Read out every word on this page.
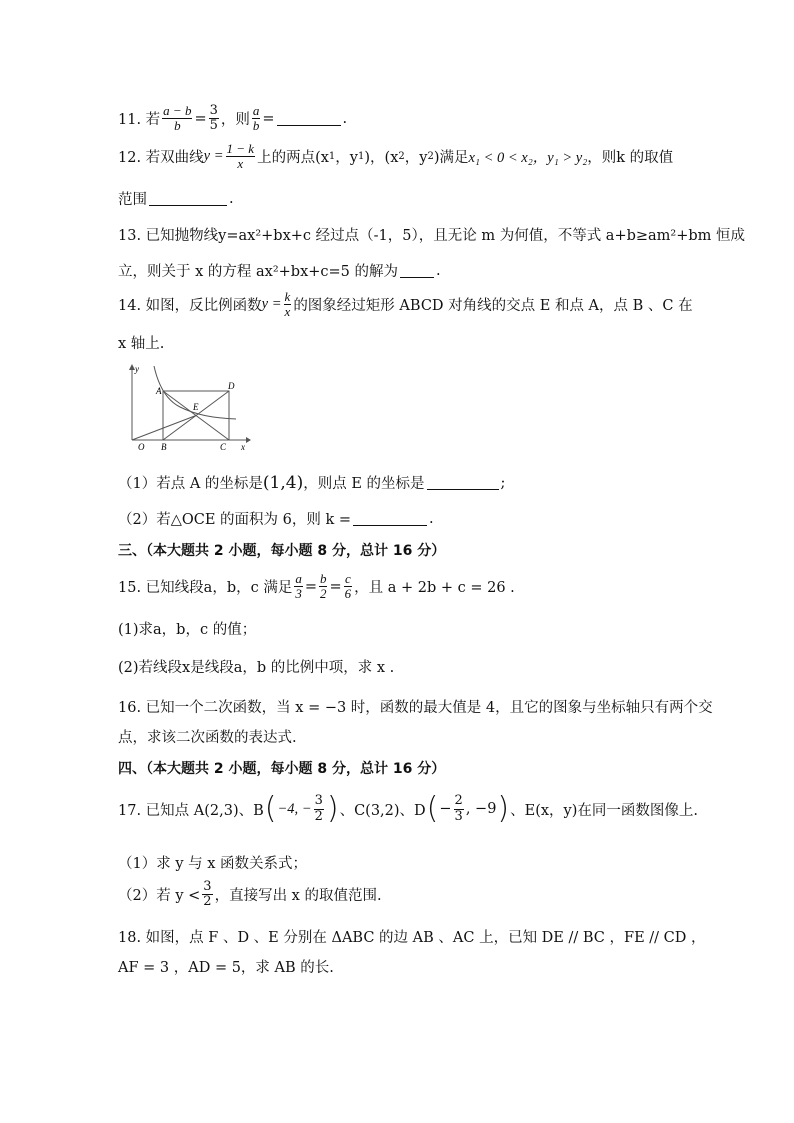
11. 若 $\frac{a - b}{b} = \frac{3}{5}$ ，则 $\frac{a}{b}$ =	.
12. 若双曲线 $y = \frac{1 - k}{x}$ 上的两点(x 1 ，y 1 )，(x 2 ，y 2 )满足 x₁ < 0 < x₂，y₁ > y₂ ，则k 的取值
范围	.
13. 已知抛物线y=ax²+bx+c 经过点（-1，5），且无论 m 为何值，不等式 a+b≥am²+bm 恒成
立，则关于 x 的方程 ax²+bx+c=5 的解为	.
14. 如图，反比例函数 $y = \frac{k}{x}$ 的图象经过矩形 ABCD 对角线的交点 E 和点 A，点 B 、C 在
x 轴上.
y
x
O
A
B	C
D
E
（1）若点 A 的坐标是 (1,4) ，则点 E 的坐标是	;
（2）若△OCE 的面积为 6，则 k =	.
三、（本大题共 2 小题，每小题 8 分，总计 16 分）
15. 已知线段a，b，c 满足 $\frac{a}{3} = \frac{b}{2} = \frac{c}{6}$ ，且 a + 2b + c = 26 .
(1)求a，b，c 的值；
(2)若线段x是线段a，b 的比例中项，求 x .
16. 已知一个二次函数，当 x = −3 时，函数的最大值是 4，且它的图象与坐标轴只有两个交
点，求该二次函数的表达式.
四、（本大题共 2 小题，每小题 8 分，总计 16 分）
17. 已知点 A(2,3)、B ( −4, − $\frac{3}{2}$ ) 、C(3,2)、D ( − $\frac{2}{3}$ , −9 ) 、E(x，y)在同一函数图像上.
（1）求 y 与 x 函数关系式；
（2）若 $y < \frac{3}{2}$ ，直接写出 x 的取值范围.
18. 如图，点 F 、D 、E 分别在 ΔABC 的边 AB 、AC 上，已知 DE // BC ，FE // CD ，
AF = 3 ，AD = 5，求 AB 的长.
